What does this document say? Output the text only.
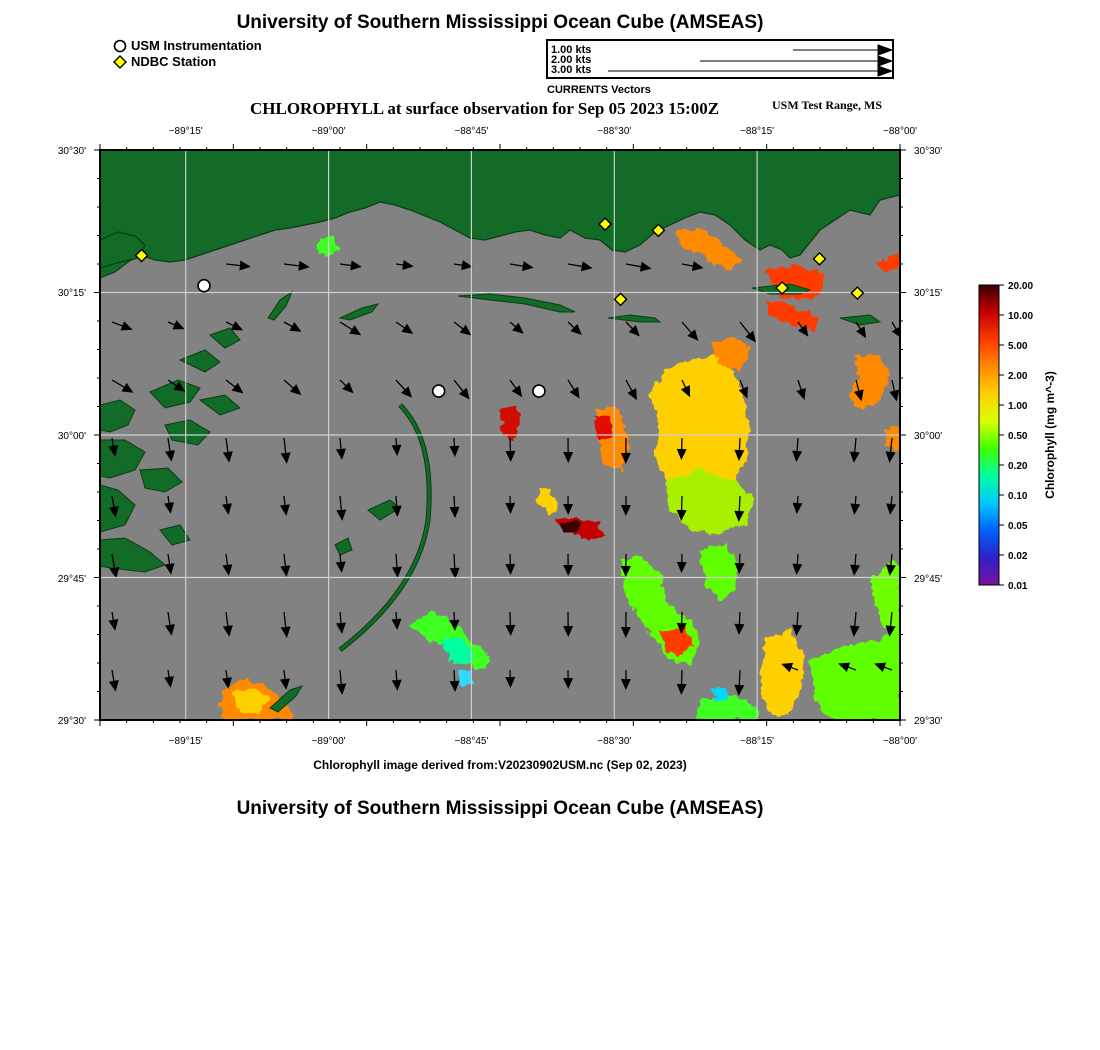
University of Southern Mississippi Ocean Cube (AMSEAS)
USM Instrumentation
NDBC Station
1.00 kts
2.00 kts
3.00 kts
CURRENTS Vectors
CHLOROPHYLL at surface observation for Sep 05 2023 15:00Z	USM Test Range, MS
−89°15'	−89°00'	−88°45'	−88°30'	−88°15'	−88°00'
−89°15'	−89°00'	−88°45'	−88°30'	−88°15'	−88°00'
30°30'
30°15'
30°00'
29°45'
29°30'
30°30'
30°15'
30°00'
29°45'
29°30'
20.00
10.00
5.00
2.00
1.00
0.50
0.20
0.10
0.05
0.02
0.01
Chlorophyll (mg m^-3)
Chlorophyll image derived from:V20230902USM.nc (Sep 02, 2023)
University of Southern Mississippi Ocean Cube (AMSEAS)
